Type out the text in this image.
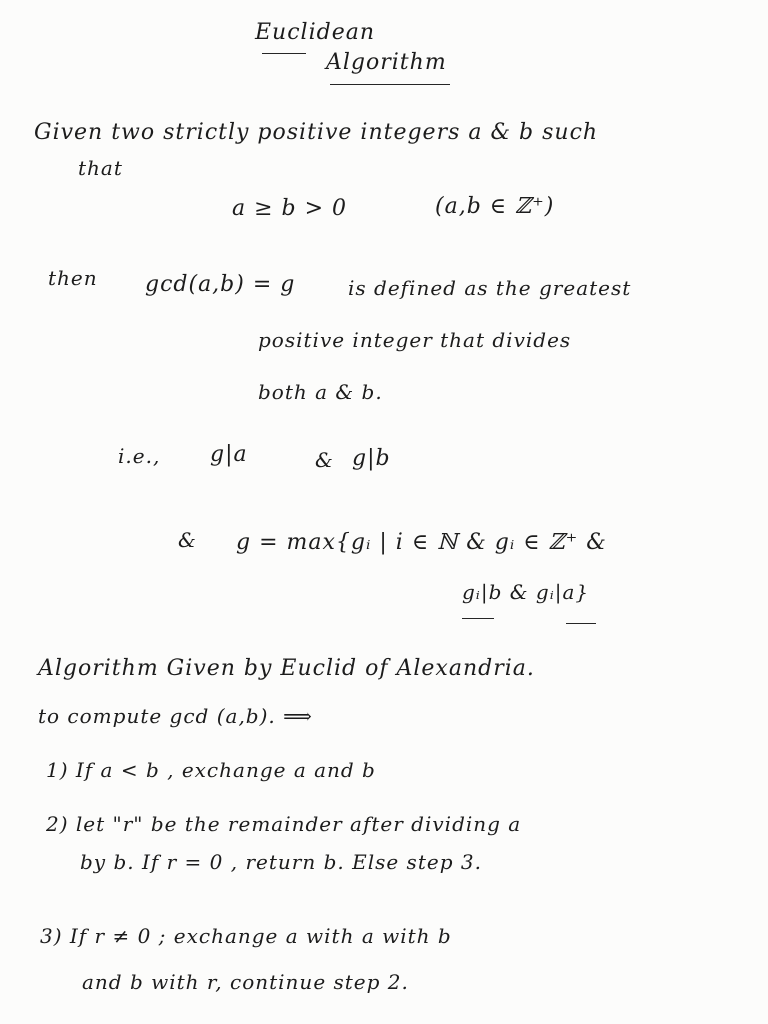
Euclidean
Algorithm
Given two strictly positive integers a & b such
that
a ≥ b > 0	(a,b ∈ ℤ⁺)
then gcd(a,b) = g	is defined as the greatest
positive integer that divides
both a & b.
i.e., g|a	& g|b
& g = max{gᵢ | i ∈ ℕ & gᵢ ∈ ℤ⁺ &
gᵢ|b & gᵢ|a}
Algorithm Given by Euclid of Alexandria.
to compute gcd (a,b). ⟹
1) If a < b , exchange a and b
2) let "r" be the remainder after dividing a
by b. If r = 0 , return b. Else step 3.
3) If r ≠ 0 ; exchange a with a with b
and b with r, continue step 2.
